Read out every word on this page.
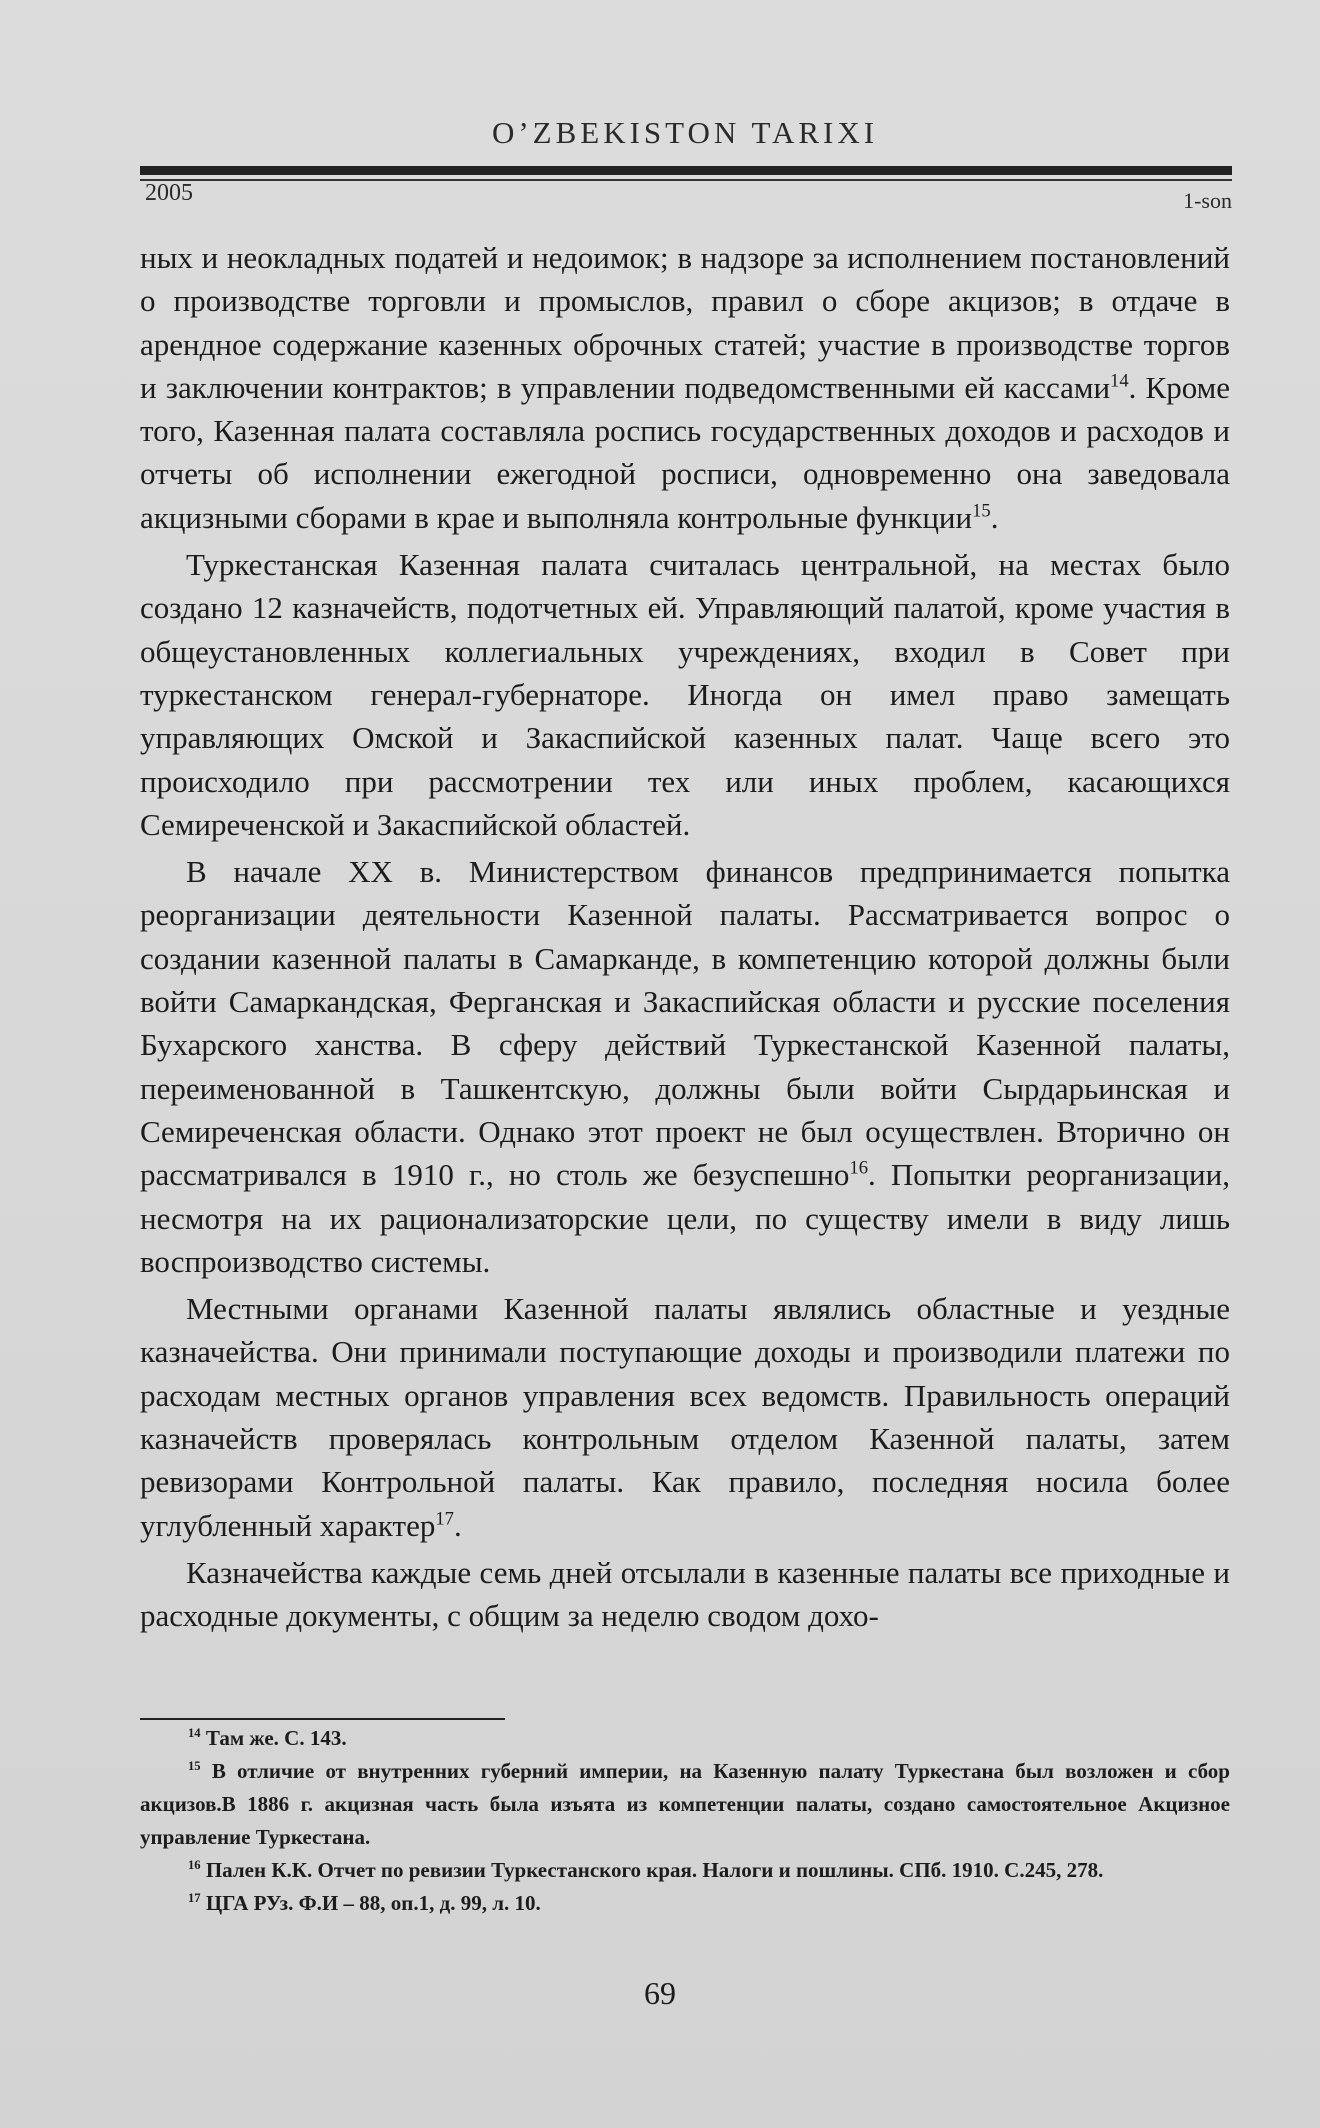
O’ZBEKISTON TARIXI
2005	1-son

ных и неокладных податей и недоимок; в надзоре за исполнением постановлений о производстве торговли и промыслов, правил о сборе акцизов; в отдаче в арендное содержание казенных оброчных статей; участие в производстве торгов и заключении контрактов; в управлении подведомственными ей кассами$^{14}$. Кроме того, Казенная палата составляла роспись государственных доходов и расходов и отчеты об исполнении ежегодной росписи, одновременно она заведовала акцизными сборами в крае и выполняла контрольные функции$^{15}$.

Туркестанская Казенная палата считалась центральной, на местах было создано 12 казначейств, подотчетных ей. Управляющий палатой, кроме участия в общеустановленных коллегиальных учреждениях, входил в Совет при туркестанском генерал-губернаторе. Иногда он имел право замещать управляющих Омской и Закаспийской казенных палат. Чаще всего это происходило при рассмотрении тех или иных проблем, касающихся Семиреченской и Закаспийской областей.

В начале XX в. Министерством финансов предпринимается попытка реорганизации деятельности Казенной палаты. Рассматривается вопрос о создании казенной палаты в Самарканде, в компетенцию которой должны были войти Самаркандская, Ферганская и Закаспийская области и русские поселения Бухарского ханства. В сферу действий Туркестанской Казенной палаты, переименованной в Ташкентскую, должны были войти Сырдарьинская и Семиреченская области. Однако этот проект не был осуществлен. Вторично он рассматривался в 1910 г., но столь же безуспешно$^{16}$. Попытки реорганизации, несмотря на их рационализаторские цели, по существу имели в виду лишь воспроизводство системы.

Местными органами Казенной палаты являлись областные и уездные казначейства. Они принимали поступающие доходы и производили платежи по расходам местных органов управления всех ведомств. Правильность операций казначейств проверялась контрольным отделом Казенной палаты, затем ревизорами Контрольной палаты. Как правило, последняя носила более углубленный характер$^{17}$.

Казначейства каждые семь дней отсылали в казенные палаты все приходные и расходные документы, с общим за неделю сводом дохо-

$^{14}$ Там же. С. 143.

$^{15}$ В отличие от внутренних губерний империи, на Казенную палату Туркестана был возложен и сбор акцизов.В 1886 г. акцизная часть была изъята из компетенции палаты, создано самостоятельное Акцизное управление Туркестана.

$^{16}$ Пален К.К. Отчет по ревизии Туркестанского края. Налоги и пошлины. СПб. 1910. С.245, 278.

$^{17}$ ЦГА РУз. Ф.И – 88, оп.1, д. 99, л. 10.

69
